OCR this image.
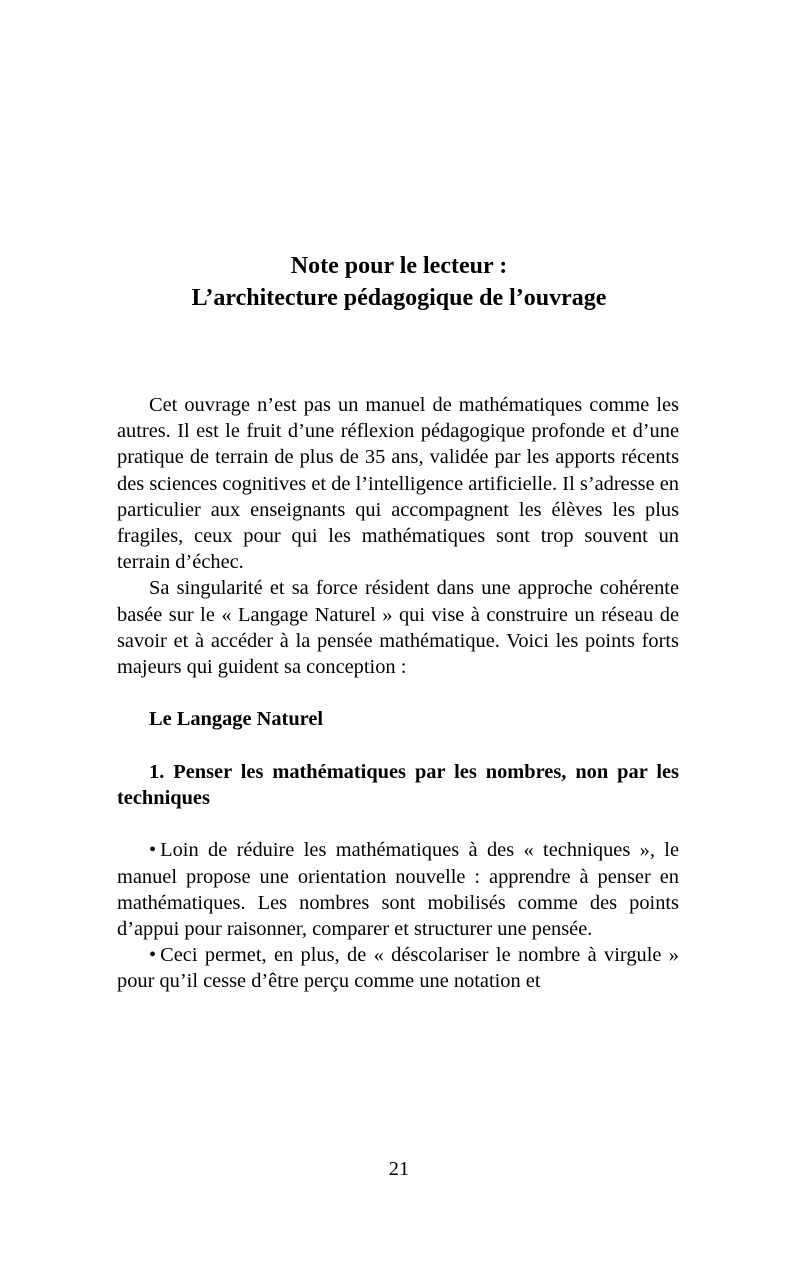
Note pour le lecteur :
L’architecture pédagogique de l’ouvrage

Cet ouvrage n’est pas un manuel de mathématiques comme les autres. Il est le fruit d’une réflexion pédagogique profonde et d’une pratique de terrain de plus de 35 ans, validée par les apports récents des sciences cognitives et de l’intelligence artificielle. Il s’adresse en particulier aux enseignants qui accompagnent les élèves les plus fragiles, ceux pour qui les mathématiques sont trop souvent un terrain d’échec.

Sa singularité et sa force résident dans une approche cohérente basée sur le « Langage Naturel » qui vise à construire un réseau de savoir et à accéder à la pensée mathématique. Voici les points forts majeurs qui guident sa conception :

Le Langage Naturel

1. Penser les mathématiques par les nombres, non par les techniques

• Loin de réduire les mathématiques à des « techniques », le manuel propose une orientation nouvelle : apprendre à penser en mathématiques. Les nombres sont mobilisés comme des points d’appui pour raisonner, comparer et structurer une pensée.

• Ceci permet, en plus, de « déscolariser le nombre à virgule » pour qu’il cesse d’être perçu comme une notation et

21
